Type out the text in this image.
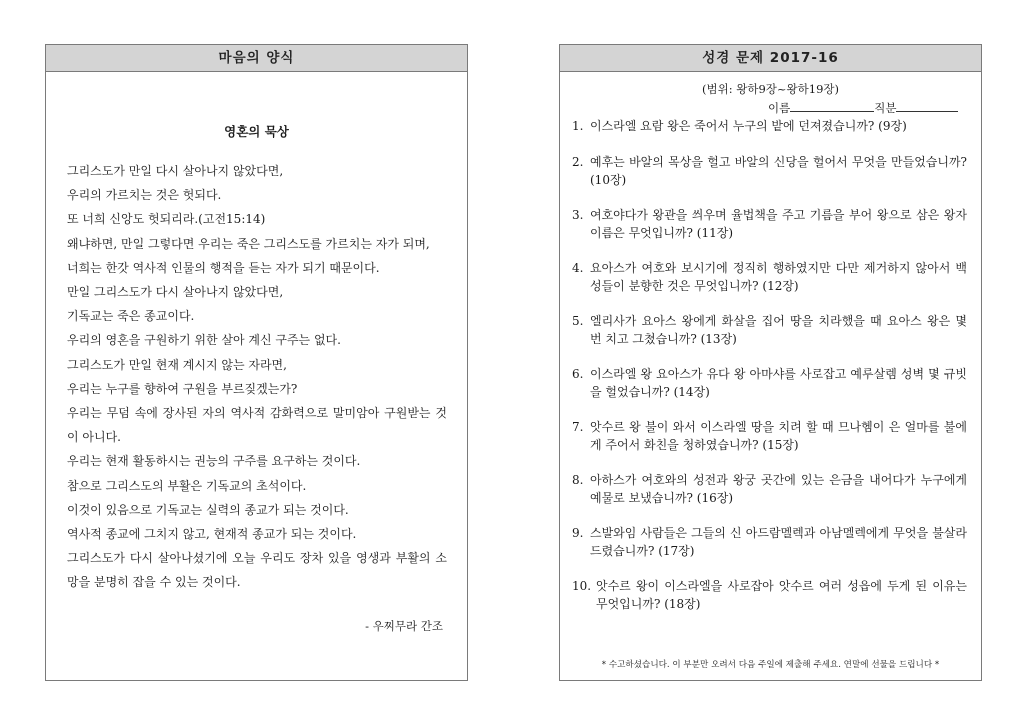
마음의 양식
영혼의 묵상
그리스도가 만일 다시 살아나지 않았다면,
우리의 가르치는 것은 헛되다.
또 너희 신앙도 헛되리라.(고전15:14)
왜냐하면, 만일 그렇다면 우리는 죽은 그리스도를 가르치는 자가 되며,
너희는 한갓 역사적 인물의 행적을 듣는 자가 되기 때문이다.
만일 그리스도가 다시 살아나지 않았다면,
기독교는 죽은 종교이다.
우리의 영혼을 구원하기 위한 살아 계신 구주는 없다.
그리스도가 만일 현재 계시지 않는 자라면,
우리는 누구를 향하여 구원을 부르짖겠는가?
우리는 무덤 속에 장사된 자의 역사적 감화력으로 말미암아 구원받는 것이 아니다.
우리는 현재 활동하시는 권능의 구주를 요구하는 것이다.
참으로 그리스도의 부활은 기독교의 초석이다.
이것이 있음으로 기독교는 실력의 종교가 되는 것이다.
역사적 종교에 그치지 않고, 현재적 종교가 되는 것이다.
그리스도가 다시 살아나셨기에 오늘 우리도 장차 있을 영생과 부활의 소망을 분명히 잡을 수 있는 것이다.
- 우찌무라 간조
성경 문제 2017-16
(범위: 왕하9장~왕하19장)
이름	직분
1. 이스라엘 요람 왕은 죽어서 누구의 밭에 던져졌습니까? (9장)
2. 예후는 바알의 목상을 헐고 바알의 신당을 헐어서 무엇을 만들었습니까? (10장)
3. 여호야다가 왕관을 씌우며 율법책을 주고 기름을 부어 왕으로 삼은 왕자 이름은 무엇입니까? (11장)
4. 요아스가 여호와 보시기에 정직히 행하였지만 다만 제거하지 않아서 백성들이 분향한 것은 무엇입니까? (12장)
5. 엘리사가 요아스 왕에게 화살을 집어 땅을 치라했을 때 요아스 왕은 몇 번 치고 그쳤습니까? (13장)
6. 이스라엘 왕 요아스가 유다 왕 아마샤를 사로잡고 예루살렘 성벽 몇 규빗을 헐었습니까? (14장)
7. 앗수르 왕 불이 와서 이스라엘 땅을 치려 할 때 므나헴이 은 얼마를 불에게 주어서 화친을 청하였습니까? (15장)
8. 아하스가 여호와의 성전과 왕궁 곳간에 있는 은금을 내어다가 누구에게 예물로 보냈습니까? (16장)
9. 스발와임 사람들은 그들의 신 아드람멜렉과 아남멜렉에게 무엇을 불살라 드렸습니까? (17장)
10. 앗수르 왕이 이스라엘을 사로잡아 앗수르 여러 성읍에 두게 된 이유는 무엇입니까? (18장)
* 수고하셨습니다. 이 부분만 오려서 다음 주일에 제출해 주세요. 연말에 선물을 드립니다 *
